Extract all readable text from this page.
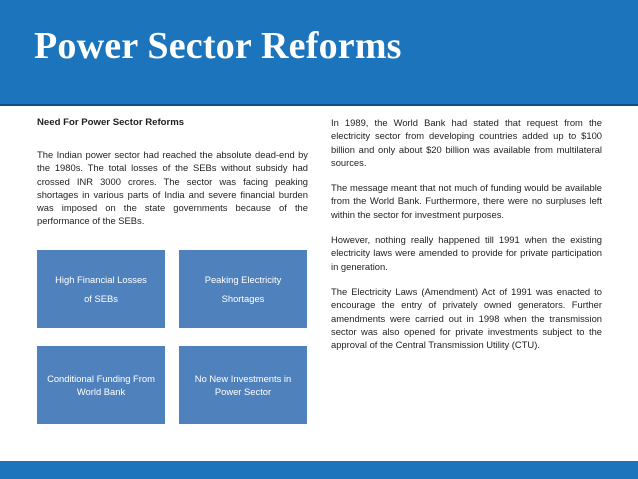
Power Sector Reforms

Need For Power Sector Reforms

The Indian power sector had reached the absolute dead-end by the 1980s. The total losses of the SEBs without subsidy had crossed INR 3000 crores. The sector was facing peaking shortages in various parts of India and severe financial burden was imposed on the state governments because of the performance of the SEBs.

High Financial Losses
of SEBs
Peaking Electricity
Shortages
Conditional Funding From
World Bank
No New Investments in
Power Sector

In 1989, the World Bank had stated that request from the electricity sector from developing countries added up to $100 billion and only about $20 billion was available from multilateral sources.

The message meant that not much of funding would be available from the World Bank. Furthermore, there were no surpluses left within the sector for investment purposes.

However, nothing really happened till 1991 when the existing electricity laws were amended to provide for private participation in generation.

The Electricity Laws (Amendment) Act of 1991 was enacted to encourage the entry of privately owned generators. Further amendments were carried out in 1998 when the transmission sector was also opened for private investments subject to the approval of the Central Transmission Utility (CTU).
